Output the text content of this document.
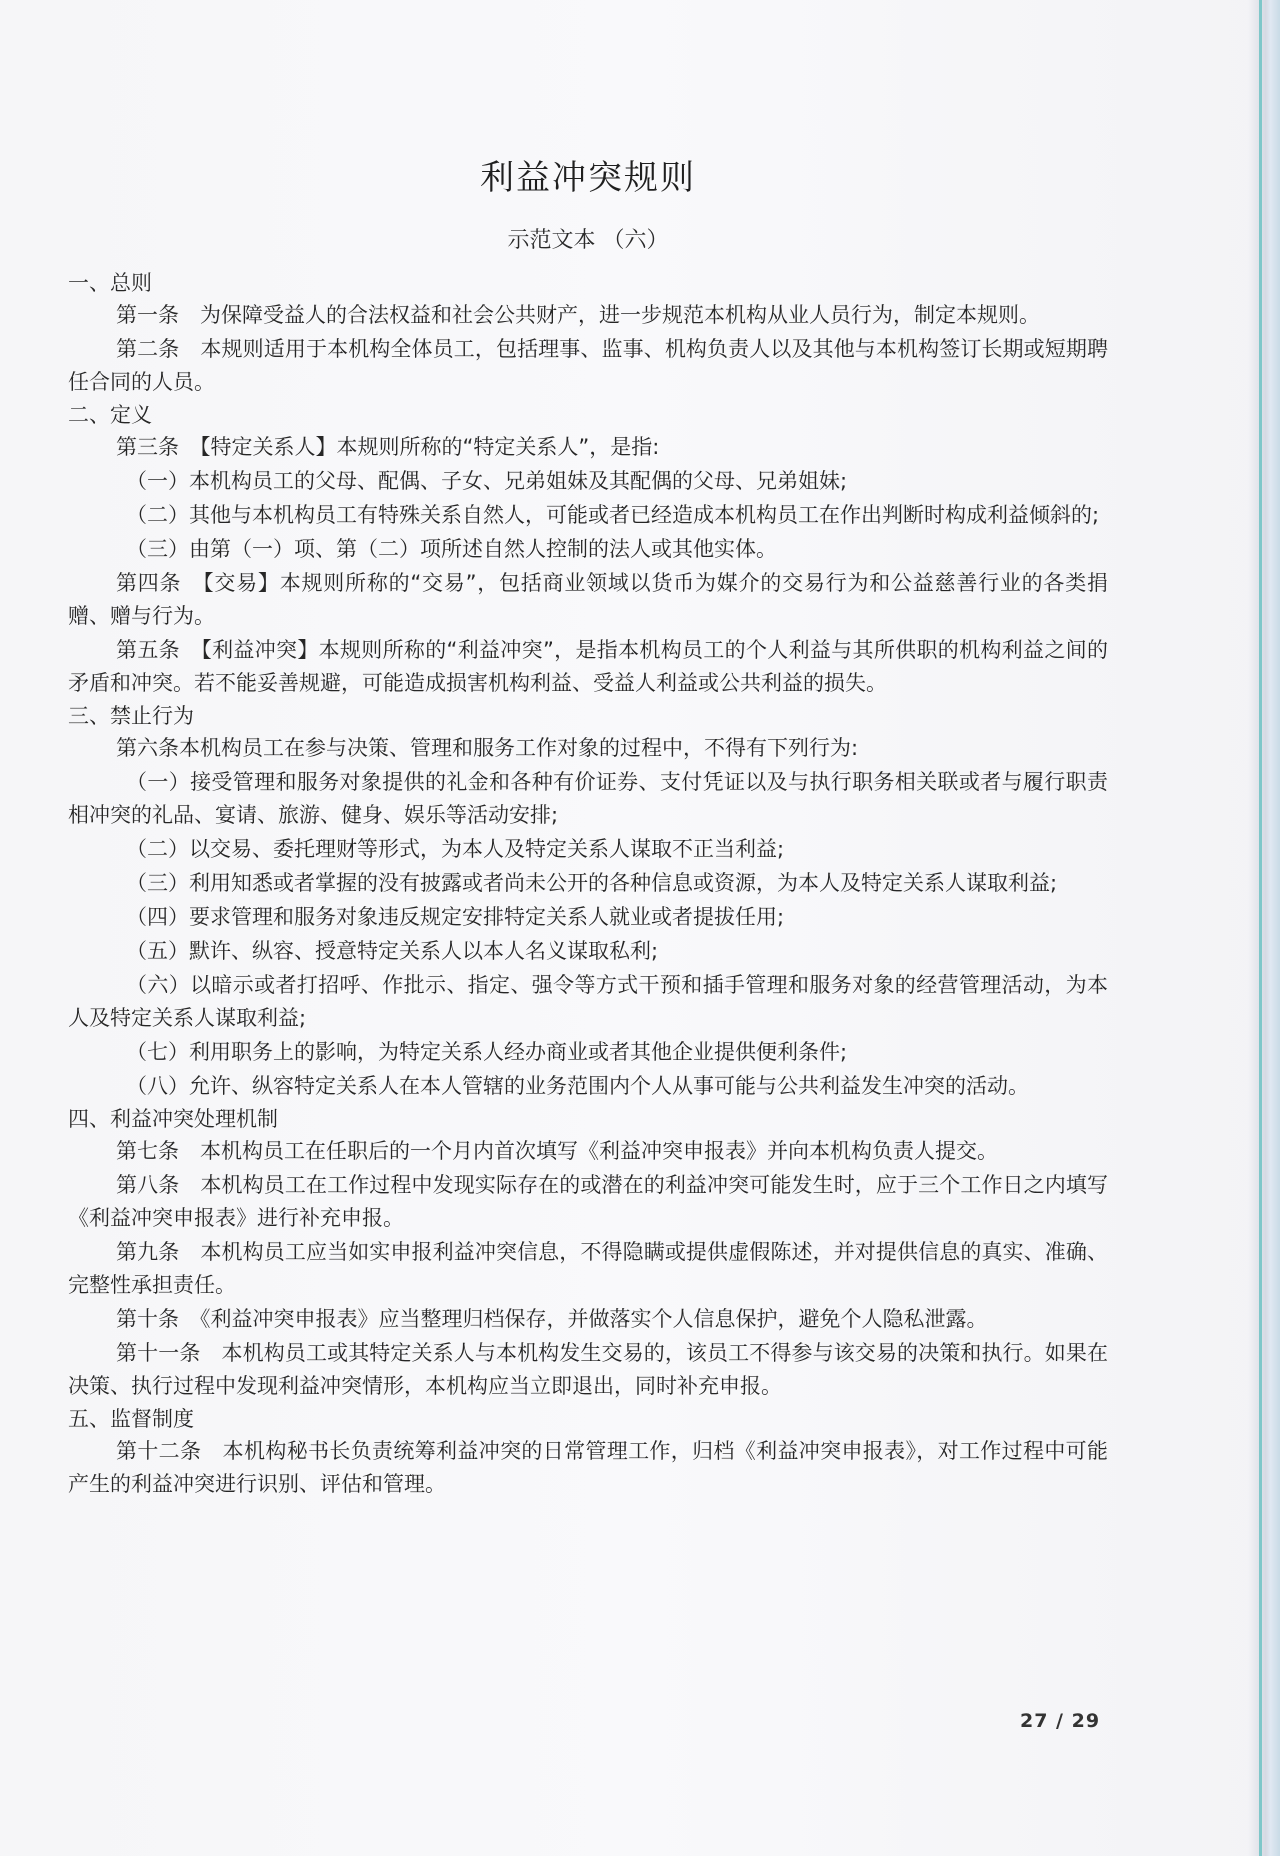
利益冲突规则
示范文本 （六）
一、总则
第一条　为保障受益人的合法权益和社会公共财产，进一步规范本机构从业人员行为，制定本规则。
第二条　本规则适用于本机构全体员工，包括理事、监事、机构负责人以及其他与本机构签订长期或短期聘任合同的人员。
二、定义
第三条　【特定关系人】本规则所称的“特定关系人”，是指:
（一）本机构员工的父母、配偶、子女、兄弟姐妹及其配偶的父母、兄弟姐妹;
（二）其他与本机构员工有特殊关系自然人，可能或者已经造成本机构员工在作出判断时构成利益倾斜的;
（三）由第（一）项、第（二）项所述自然人控制的法人或其他实体。
第四条　【交易】本规则所称的“交易”，包括商业领域以货币为媒介的交易行为和公益慈善行业的各类捐赠、赠与行为。
第五条　【利益冲突】本规则所称的“利益冲突”，是指本机构员工的个人利益与其所供职的机构利益之间的矛盾和冲突。若不能妥善规避，可能造成损害机构利益、受益人利益或公共利益的损失。
三、禁止行为
第六条本机构员工在参与决策、管理和服务工作对象的过程中，不得有下列行为:
（一）接受管理和服务对象提供的礼金和各种有价证券、支付凭证以及与执行职务相关联或者与履行职责相冲突的礼品、宴请、旅游、健身、娱乐等活动安排;
（二）以交易、委托理财等形式，为本人及特定关系人谋取不正当利益;
（三）利用知悉或者掌握的没有披露或者尚未公开的各种信息或资源，为本人及特定关系人谋取利益;
（四）要求管理和服务对象违反规定安排特定关系人就业或者提拔任用;
（五）默许、纵容、授意特定关系人以本人名义谋取私利;
（六）以暗示或者打招呼、作批示、指定、强令等方式干预和插手管理和服务对象的经营管理活动，为本人及特定关系人谋取利益;
（七）利用职务上的影响，为特定关系人经办商业或者其他企业提供便利条件;
（八）允许、纵容特定关系人在本人管辖的业务范围内个人从事可能与公共利益发生冲突的活动。
四、利益冲突处理机制
第七条　本机构员工在任职后的一个月内首次填写《利益冲突申报表》并向本机构负责人提交。
第八条　本机构员工在工作过程中发现实际存在的或潜在的利益冲突可能发生时，应于三个工作日之内填写《利益冲突申报表》进行补充申报。
第九条　本机构员工应当如实申报利益冲突信息，不得隐瞒或提供虚假陈述，并对提供信息的真实、准确、完整性承担责任。
第十条　《利益冲突申报表》应当整理归档保存，并做落实个人信息保护，避免个人隐私泄露。
第十一条　本机构员工或其特定关系人与本机构发生交易的，该员工不得参与该交易的决策和执行。如果在决策、执行过程中发现利益冲突情形，本机构应当立即退出，同时补充申报。
五、监督制度
第十二条　本机构秘书长负责统筹利益冲突的日常管理工作，归档《利益冲突申报表》，对工作过程中可能产生的利益冲突进行识别、评估和管理。
27 / 29
